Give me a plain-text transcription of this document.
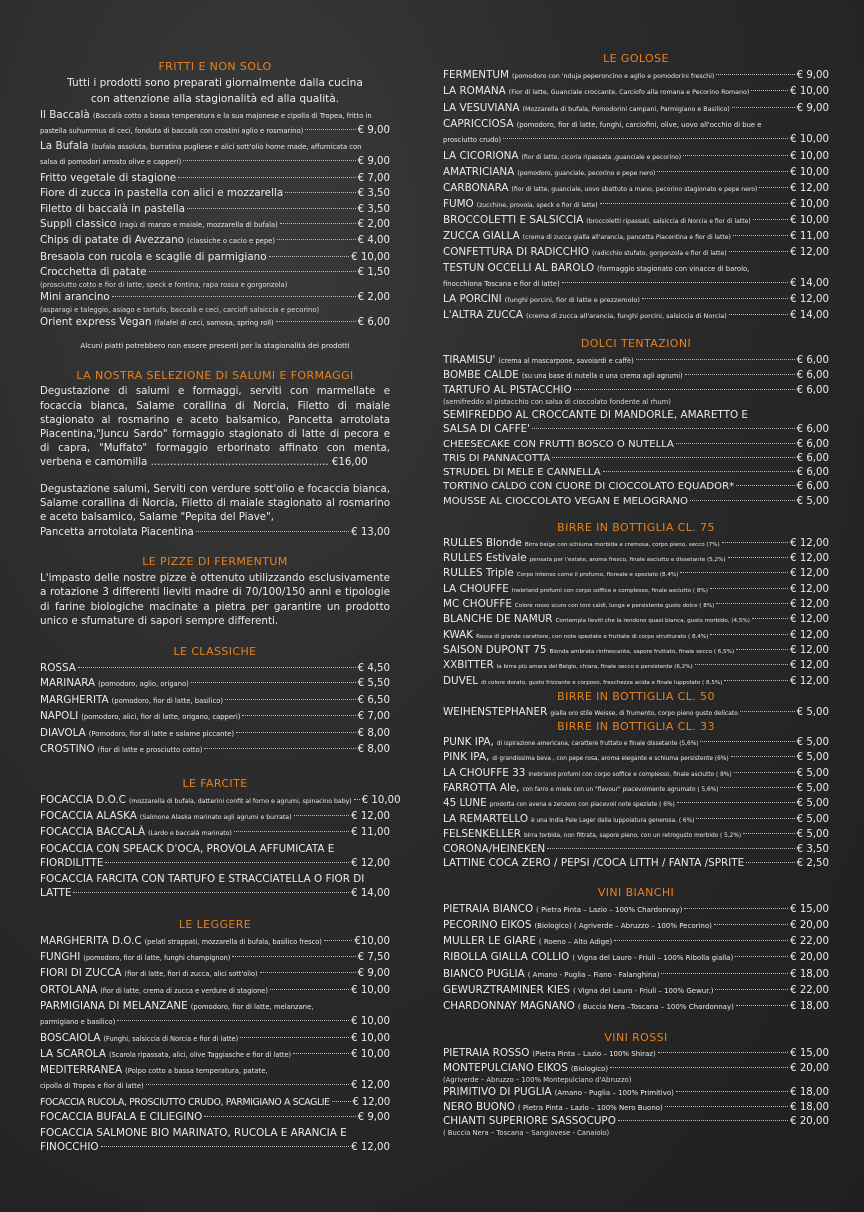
FRITTI E NON SOLO
Tutti i prodotti sono preparati giornalmente dalla cucina
con attenzione alla stagionalità ed alla qualità.
Il Baccalà (Baccalà cotto a bassa temperatura e la sua majonese e cipolla di Tropea, fritto in
pastella suhummus di ceci, fonduta di baccalà con crostini aglio e rosmarino)	€ 9,00
La Bufala (bufala assoluta, burratina pugliese e alici sott'olio home made, affumicata con
salsa di pomodori arrosto olive e capperi)	€ 9,00
Fritto vegetale di stagione	€ 7,00
Fiore di zucca in pastella con alici e mozzarella	€ 3,50
Filetto di baccalà in pastella	€ 3,50
Supplì classico (ragù di manzo e maiale, mozzarella di bufala)	€ 2,00
Chips di patate di Avezzano (classiche o cacio e pepe)	€ 4,00
Bresaola con rucola e scaglie di parmigiano	€ 10,00
Crocchetta di patate	€ 1,50
(prosciutto cotto e fior di latte, speck e fontina, rapa rossa e gorgonzola)
Mini arancino	€ 2,00
(asparagi e taleggio, asiago e tartufo, baccalà e ceci, carciofi salsiccia e pecorino)
Orient express Vegan (falafel di ceci, samosa, spring roll)	€ 6,00
Alcuni piatti potrebbero non essere presenti per la stagionalità dei prodotti
LA NOSTRA SELEZIONE DI SALUMI E FORMAGGI
Degustazione di salumi e formaggi, serviti con marmellate e focaccia bianca, Salame corallina di Norcia, Filetto di maiale stagionato al rosmarino e aceto balsamico, Pancetta arrotolata Piacentina,"Juncu Sardo" formaggio stagionato di latte di pecora e di capra, "Muffato" formaggio erborinato affinato con menta, verbena e camomilla ....................................................... €16,00
Degustazione salumi, Serviti con verdure sott'olio e focaccia bianca, Salame corallina di Norcia, Filetto di maiale stagionato al rosmarino e aceto balsamico, Salame "Pepita del Piave",
Pancetta arrotolata Piacentina	€ 13,00
LE PIZZE DI FERMENTUM
L'impasto delle nostre pizze è ottenuto utilizzando esclusivamente a rotazione 3 differenti lieviti madre di 70/100/150 anni e tipologie di farine biologiche macinate a pietra per garantire un prodotto unico e sfumature di sapori sempre differenti.
LE CLASSICHE
ROSSA	€ 4,50
MARINARA (pomodoro, aglio, origano)	€ 5,50
MARGHERITA (pomodoro, fior di latte, basilico)	€ 6,50
NAPOLI (pomodoro, alici, fior di latte, origano, capperi)	€ 7,00
DIAVOLA (Pomodoro, fior di latte e salame piccante)	€ 8,00
CROSTINO (fior di latte e prosciutto cotto)	€ 8,00
LE FARCITE
FOCACCIA D.O.C (mozzarella di bufala, datterini confit al forno e agrumi, spinacino baby) € 10,00
FOCACCIA ALASKA (Salmone Alaska marinato agli agrumi e burrata)	€ 12,00
FOCACCIA BACCALÀ (Lardo e baccalà marinato)	€ 11,00
FOCACCIA CON SPEACK D'OCA, PROVOLA AFFUMICATA E
FIORDILITTE	€ 12,00
FOCACCIA FARCITA CON TARTUFO E STRACCIATELLA O FIOR DI
LATTE	€ 14,00
LE LEGGERE
MARGHERITA D.O.C (pelati strappati, mozzarella di bufala, basilico fresco)	€10,00
FUNGHI (pomodoro, fior di latte, funghi champignon)	€ 7,50
FIORI DI ZUCCA (fior di latte, fiori di zucca, alici sott'olio)	€ 9,00
ORTOLANA (fior di latte, crema di zucca e verdure di stagione)	€ 10,00
PARMIGIANA DI MELANZANE (pomodoro, fior di latte, melanzane,
parmigiano e basilico)	€ 10,00
BOSCAIOLA (Funghi, salsiccia di Norcia e fior di latte)	€ 10,00
LA SCAROLA (Scarola ripassata, alici, olive Taggiasche e fior di latte)	€ 10,00
MEDITERRANEA (Polpo cotto a bassa temperatura, patate,
cipolla di Tropea e fior di latte)	€ 12,00
FOCACCIA RUCOLA, PROSCIUTTO CRUDO, PARMIGIANO A SCAGLIE € 12,00
FOCACCIA BUFALA E CILIEGINO	€ 9,00
FOCACCIA SALMONE BIO MARINATO, RUCOLA E ARANCIA E
FINOCCHIO	€ 12,00
LE GOLOSE
FERMENTUM (pomodoro con 'nduja peperoncino e aglio e pomodorini freschi)	€ 9,00
LA ROMANA (Fior di latte, Guanciale croccante, Carciofo alla romana e Pecorino Romano)	€ 10,00
LA VESUVIANA (Mozzarella di bufala, Pomodorini campani, Parmigiano e Basilico)	€ 9,00
CAPRICCIOSA (pomodoro, fior di latte, funghi, carciofini, olive, uovo all'occhio di bue e
prosciutto crudo)	€ 10,00
LA CICORIONA (fior di latte, cicoria ripassata ,guanciale e pecorino)	€ 10,00
AMATRICIANA (pomodoro, guanciale, pecorino e pepe nero)	€ 10,00
CARBONARA (fior di latte, guanciale, uovo sbattuto a mano, pecorino stagionato e pepe nero)	€ 12,00
FUMO (zucchine, provola, speck e fior di latte)	€ 10,00
BROCCOLETTI E SALSICCIA (broccoletti ripassati, salsiccia di Norcia e fior di latte)	€ 10,00
ZUCCA GIALLA (crema di zucca gialla all'arancia, pancetta Piacentina e fior di latte)	€ 11,00
CONFETTURA DI RADICCHIO (radicchio stufato, gorgonzola e fior di latte)	€ 12,00
TESTUN OCCELLI AL BAROLO (formaggio stagionato con vinacce di barolo,
finocchiona Toscana e fior di latte)	€ 14,00
LA PORCINI (funghi porcini, fior di latte e prezzemolo)	€ 12,00
L'ALTRA ZUCCA (crema di zucca all'arancia, funghi porcini, salsiccia di Norcia)	€ 14,00
DOLCI TENTAZIONI
TIRAMISU' (crema al mascarpone, savoiardi e caffè)	€ 6,00
BOMBE CALDE (su una base di nutella o una crema agli agrumi)	€ 6,00
TARTUFO AL PISTACCHIO	€ 6,00
(semifreddo al pistacchio con salsa di cioccolato fondente al rhum)
SEMIFREDDO AL CROCCANTE DI MANDORLE, AMARETTO E
SALSA DI CAFFE'	€ 6,00
CHEESECAKE CON FRUTTI BOSCO O NUTELLA	€ 6,00
TRIS DI PANNACOTTA	€ 6,00
STRUDEL DI MELE E CANNELLA	€ 6,00
TORTINO CALDO CON CUORE DI CIOCCOLATO EQUADOR*	€ 6,00
MOUSSE AL CIOCCOLATO VEGAN E MELOGRANO	€ 5,00
BIRRE IN BOTTIGLIA CL. 75
RULLES Blonde Birra beige con schiuma morbida e cremosa, corpo pieno, secco (7%)	€ 12,00
RULLES Estivale pensata per l'estate, aroma fresco, finale asciutto e dissetante (5,2%)	€ 12,00
RULLES Triple Corpo intenso come il profumo, floreale e speziato (8,4%)	€ 12,00
LA CHOUFFE Inebriand profumi con corpo soffice e complesso, finale asciutto ( 8%)	€ 12,00
MC CHOUFFE Colore rosso scuro con toni caldi, lunga e persistente gusto dolce ( 8%)	€ 12,00
BLANCHE DE NAMUR Contempla lieviti che la rendono quasi bianca, gusto morbido, (4,5%)	€ 12,00
KWAK Rossa di grande carattere, con note speziate e fruttate di corpo strutturato ( 8,4%)	€ 12,00
SAISON DUPONT 75 Bionda ambrata rinfrescante, sapore fruttato, finale secco ( 6,5%)	€ 12,00
XXBITTER la birra più amara del Belgio, chiara, finale secco e persistente (6,2%)	€ 12,00
DUVEL di colore dorato, gusto frizzante e corposo, freschezza acida e finale luppolato ( 8,5%)	€ 12,00
BIRRE IN BOTTIGLIA CL. 50
WEIHENSTEPHANER gialla oro stile Weisse, di frumento, corpo pieno gusto delicato	€ 5,00
BIRRE IN BOTTIGLIA CL. 33
PUNK IPA, di ispirazione americana, carattere fruttato e finale dissetante (5,6%)	€ 5,00
PINK IPA, di grandissima bevа , con pepe rosa, aroma elegante e schiuma persistente (6%)	€ 5,00
LA CHOUFFE 33 Inebriand profumi con corpo soffice e complesso, finale asciutto ( 8%)	€ 5,00
FARROTTA Ale, con farro e miele con un "flavour" piacevolmente agrumato ( 5,6%)	€ 5,00
45 LUNE prodotta con avena e zenzero con piacevoli note speziate ( 6%)	€ 5,00
LA REMARTELLO è una India Pale Lager dalla luppolatura generosa. ( 6%)	€ 5,00
FELSENKELLER birra torbida, non filtrata, sapore pieno, con un retrogusto morbido ( 5,2%)	€ 5,00
CORONA/HEINEKEN	€ 3,50
LATTINE COCA ZERO / PEPSI /COCA LITTH / FANTA /SPRITE	€ 2,50
VINI BIANCHI
PIETRAIA BIANCO ( Pietra Pinta – Lazio – 100% Chardonnay)	€ 15,00
PECORINO EIKOS (Biologico) ( Agriverde – Abruzzo – 100% Pecorino)	€ 20,00
MULLER LE GIARE ( Roeno – Alto Adige)	€ 22,00
RIBOLLA GIALLA COLLIO ( Vigna del Lauro - Friuli – 100% Ribolla gialla)	€ 20,00
BIANCO PUGLIA ( Amano - Puglia – Fiano - Falanghina)	€ 18,00
GEWURZTRAMINER KIES ( Vigna del Lauro - Friuli – 100% Gewur.)	€ 22,00
CHARDONNAY MAGNANO ( Buccia Nera –Toscana – 100% Chardonnay)	€ 18,00
VINI ROSSI
PIETRAIA ROSSO (Pietra Pinta – Lazio – 100% Shiraz)	€ 15,00
MONTEPULCIANO EIKOS (Biologico)	€ 20,00
(Agriverde – Abruzzo – 100% Montepulciano d'Abruzzo)
PRIMITIVO DI PUGLIA (Amano - Puglia – 100% Primitivo)	€ 18,00
NERO BUONO ( Pietra Pinta – Lazio – 100% Nero Buono)	€ 18,00
CHIANTI SUPERIORE SASSOCUPO	€ 20,00
( Buccia Nera – Toscana – Sangiovese - Canaiolo)
